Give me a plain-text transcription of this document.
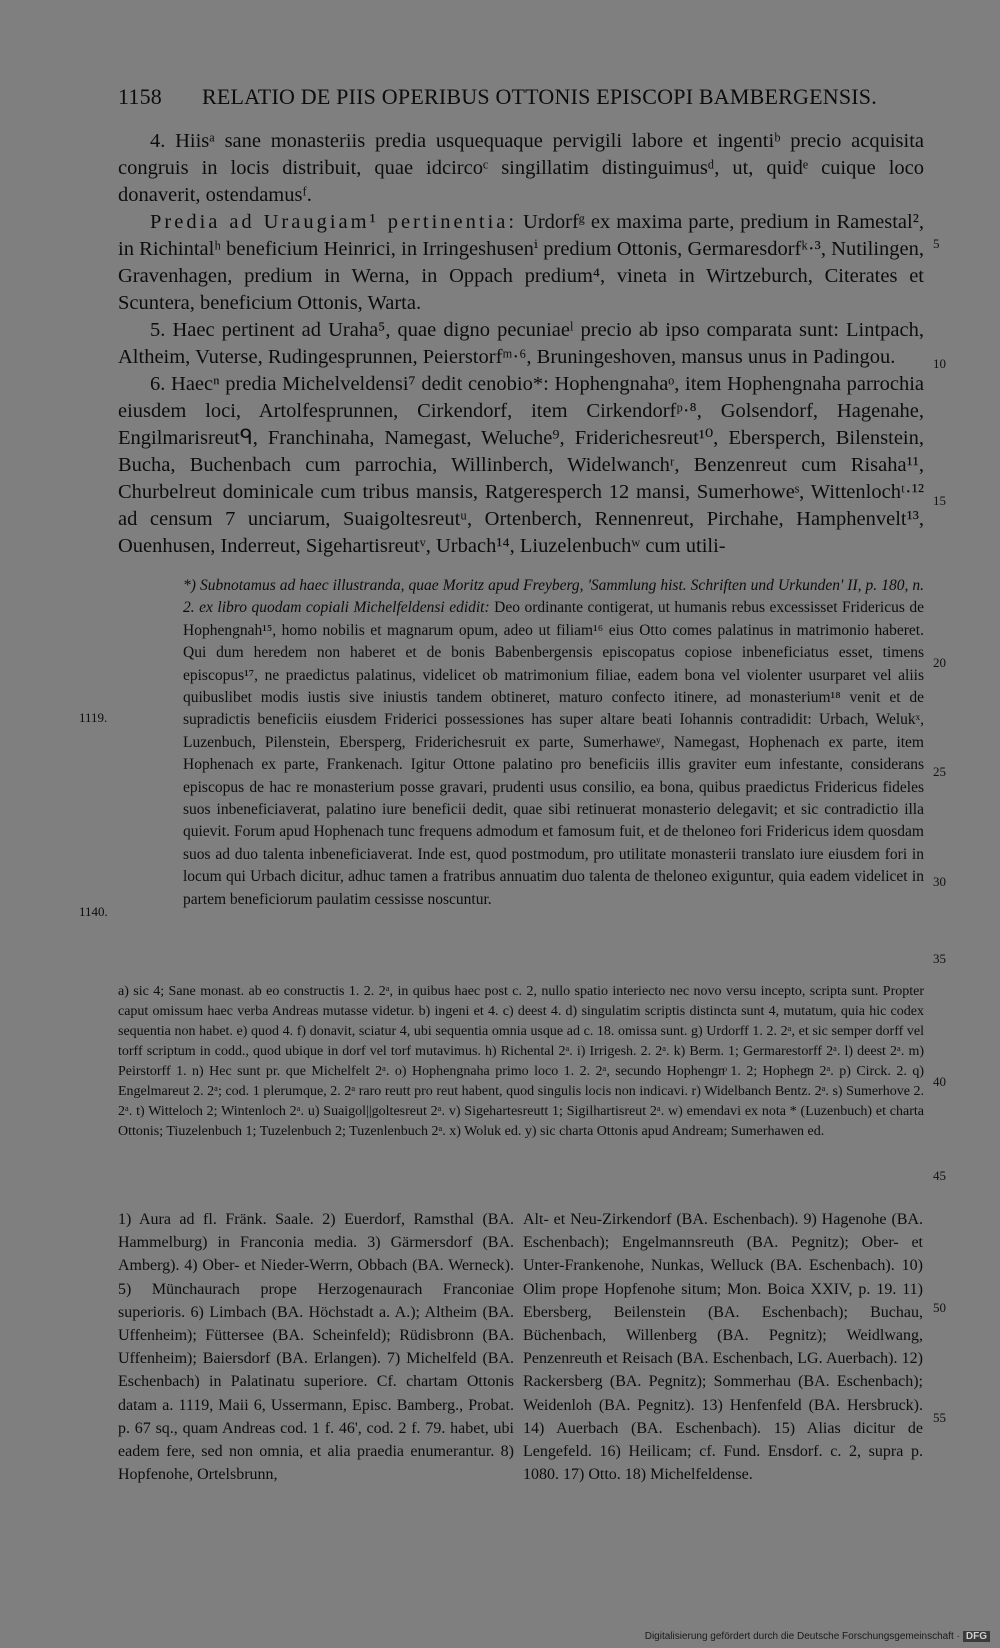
1158 RELATIO DE PIIS OPERIBUS OTTONIS EPISCOPI BAMBERGENSIS.

4. Hiisᵃ sane monasteriis predia usquequaque pervigili labore et ingentiᵇ precio acquisita congruis in locis distribuit, quae idcircoᶜ singillatim distinguimusᵈ, ut, quidᵉ cuique loco donaverit, ostendamusᶠ.

Predia ad Uraugiam¹ pertinentia: Urdorfᵍ ex maxima parte, predium in Ramestal², in Richintalʰ beneficium Heinrici, in Irringeshusenⁱ predium Ottonis, Germaresdorfᵏ·³, Nutilingen, Gravenhagen, predium in Werna, in Oppach predium⁴, vineta in Wirtzeburch, Citerates et Scuntera, beneficium Ottonis, Warta.

5. Haec pertinent ad Uraha⁵, quae digno pecuniaeˡ precio ab ipso comparata sunt: Lintpach, Altheim, Vuterse, Rudingesprunnen, Peierstorfᵐ·⁶, Bruningeshoven, mansus unus in Padingou.

6. Haecⁿ predia Michelveldensi⁷ dedit cenobio*: Hophengnahaᵒ, item Hophengnaha parrochia eiusdem loci, Artolfesprunnen, Cirkendorf, item Cirkendorfᵖ·⁸, Golsendorf, Hagenahe, Engilmarisreutᑫ, Franchinaha, Namegast, Weluche⁹, Friderichesreut¹⁰, Ebersperch, Bilenstein, Bucha, Buchenbach cum parrochia, Willinberch, Widelwanchʳ, Benzenreut cum Risaha¹¹, Churbelreut dominicale cum tribus mansis, Ratgeresperch 12 mansi, Sumerhoweˢ, Wittenlochᵗ·¹² ad censum 7 unciarum, Suaigoltesreutᵘ, Ortenberch, Rennenreut, Pirchahe, Hamphenvelt¹³, Ouenhusen, Inderreut, Sigehartisreutᵛ, Urbach¹⁴, Liuzelenbuchʷ cum utili-

*) Subnotamus ad haec illustranda, quae Moritz apud Freyberg, 'Sammlung hist. Schriften und Urkunden' II, p. 180, n. 2. ex libro quodam copiali Michelfeldensi edidit: Deo ordinante contigerat, ut humanis rebus excessisset Fridericus de Hophengnah¹⁵, homo nobilis et magnarum opum, adeo ut filiam¹⁶ eius Otto comes palatinus in matrimonio haberet. Qui dum heredem non haberet et de bonis Babenbergensis episcopatus copiose inbeneficiatus esset, timens episcopus¹⁷, ne praedictus palatinus, videlicet ob matrimonium filiae, eadem bona vel violenter usurparet vel aliis quibuslibet modis iustis sive iniustis tandem obtineret, maturo confecto itinere, ad monasterium¹⁸ venit et de supradictis beneficiis eiusdem Friderici possessiones has super altare beati Iohannis contradidit: Urbach, Welukˣ, Luzenbuch, Pilenstein, Ebersperg, Friderichesruit ex parte, Sumerhaweʸ, Namegast, Hophenach ex parte, item Hophenach ex parte, Frankenach. Igitur Ottone palatino pro beneficiis illis graviter eum infestante, considerans episcopus de hac re monasterium posse gravari, prudenti usus consilio, ea bona, quibus praedictus Fridericus fideles suos inbeneficiaverat, palatino iure beneficii dedit, quae sibi retinuerat monasterio delegavit; et sic contradictio illa quievit. Forum apud Hophenach tunc frequens admodum et famosum fuit, et de theloneo fori Fridericus idem quosdam suos ad duo talenta inbeneficiaverat. Inde est, quod postmodum, pro utilitate monasterii translato iure eiusdem fori in locum qui Urbach dicitur, adhuc tamen a fratribus annuatim duo talenta de theloneo exiguntur, quia eadem videlicet in partem beneficiorum paulatim cessisse noscuntur.

a) sic 4; Sane monast. ab eo constructis 1. 2. 2ᵃ, in quibus haec post c. 2, nullo spatio interiecto nec novo versu incepto, scripta sunt. Propter caput omissum haec verba Andreas mutasse videtur. b) ingeni et 4. c) deest 4. d) singulatim scriptis distincta sunt 4, mutatum, quia hic codex sequentia non habet. e) quod 4. f) donavit, sciatur 4, ubi sequentia omnia usque ad c. 18. omissa sunt. g) Urdorff 1. 2. 2ᵃ, et sic semper dorff vel torff scriptum in codd., quod ubique in dorf vel torf mutavimus. h) Richental 2ᵃ. i) Irrigesh. 2. 2ᵃ. k) Berm. 1; Germarestorff 2ᵃ. l) deest 2ᵃ. m) Peirstorff 1. n) Hec sunt pr. que Michelfelt 2ᵃ. o) Hophengnaha primo loco 1. 2. 2ᵃ, secundo Hophengnͦ 1. 2; Hophegͦn 2ᵃ. p) Circk. 2. q) Engelmareut 2. 2ᵃ; cod. 1 plerumque, 2. 2ᵃ raro reutt pro reut habent, quod singulis locis non indicavi. r) Widelbanch Bentz. 2ᵃ. s) Sumerhove 2. 2ᵃ. t) Witteloch 2; Wintenloch 2ᵃ. u) Suaigol||goltesreut 2ᵃ. v) Sigehartesreutt 1; Sigilhartisreut 2ᵃ. w) emendavi ex nota * (Luzenbuch) et charta Ottonis; Tiuzelenbuch 1; Tuzelenbuch 2; Tuzenlenbuch 2ᵃ. x) Woluk ed. y) sic charta Ottonis apud Andream; Sumerhawen ed.

1) Aura ad fl. Fränk. Saale. 2) Euerdorf, Ramsthal (BA. Hammelburg) in Franconia media. 3) Gärmersdorf (BA. Amberg). 4) Ober- et Nieder-Werrn, Obbach (BA. Werneck). 5) Münchaurach prope Herzogenaurach Franconiae superioris. 6) Limbach (BA. Höchstadt a. A.); Altheim (BA. Uffenheim); Füttersee (BA. Scheinfeld); Rüdisbronn (BA. Uffenheim); Baiersdorf (BA. Erlangen). 7) Michelfeld (BA. Eschenbach) in Palatinatu superiore. Cf. chartam Ottonis datam a. 1119, Maii 6, Ussermann, Episc. Bamberg., Probat. p. 67 sq., quam Andreas cod. 1 f. 46', cod. 2 f. 79. habet, ubi eadem fere, sed non omnia, et alia praedia enumerantur. 8) Hopfenohe, Ortelsbrunn,

Alt- et Neu-Zirkendorf (BA. Eschenbach). 9) Hagenohe (BA. Eschenbach); Engelmannsreuth (BA. Pegnitz); Ober- et Unter-Frankenohe, Nunkas, Welluck (BA. Eschenbach). 10) Olim prope Hopfenohe situm; Mon. Boica XXIV, p. 19. 11) Ebersberg, Beilenstein (BA. Eschenbach); Buchau, Büchenbach, Willenberg (BA. Pegnitz); Weidlwang, Penzenreuth et Reisach (BA. Eschenbach, LG. Auerbach). 12) Rackersberg (BA. Pegnitz); Sommerhau (BA. Eschenbach); Weidenloh (BA. Pegnitz). 13) Henfenfeld (BA. Hersbruck). 14) Auerbach (BA. Eschenbach). 15) Alias dicitur de Lengefeld. 16) Heilicam; cf. Fund. Ensdorf. c. 2, supra p. 1080. 17) Otto. 18) Michelfeldense.

5
10
15
20
25
30
35
40
45
50
55
1119.
1140.
Digitalisierung gefördert durch die Deutsche Forschungsgemeinschaft · DFG
